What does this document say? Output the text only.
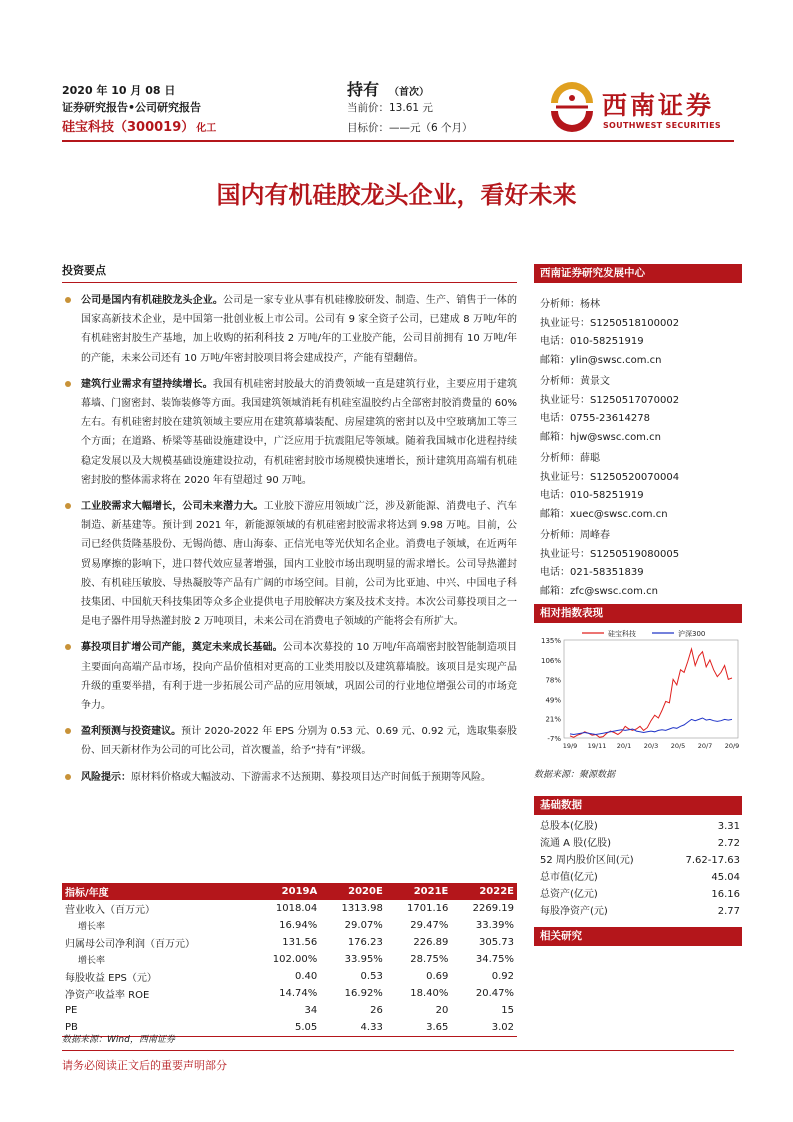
2020 年 10 月 08 日
证券研究报告•公司研究报告
硅宝科技（300019） 化工
持有 （首次）
当前价：13.61 元
目标价：——元（6 个月）
西南证券
SOUTHWEST SECURITIES
国内有机硅胶龙头企业，看好未来
投资要点
公司是国内有机硅胶龙头企业。公司是一家专业从事有机硅橡胶研发、制造、生产、销售于一体的国家高新技术企业，是中国第一批创业板上市公司。公司有 9 家全资子公司，已建成 8 万吨/年的有机硅密封胶生产基地，加上收购的拓利科技 2 万吨/年的工业胶产能，公司目前拥有 10 万吨/年的产能，未来公司还有 10 万吨/年密封胶项目将会建成投产，产能有望翻倍。
建筑行业需求有望持续增长。我国有机硅密封胶最大的消费领域一直是建筑行业，主要应用于建筑幕墙、门窗密封、装饰装修等方面。我国建筑领域消耗有机硅室温胶约占全部密封胶消费量的 60%左右。有机硅密封胶在建筑领域主要应用在建筑幕墙装配、房屋建筑的密封以及中空玻璃加工等三个方面；在道路、桥梁等基础设施建设中，广泛应用于抗震阻尼等领域。随着我国城市化进程持续稳定发展以及大规模基础设施建设拉动，有机硅密封胶市场规模快速增长，预计建筑用高端有机硅密封胶的整体需求将在 2020 年有望超过 90 万吨。
工业胶需求大幅增长，公司未来潜力大。工业胶下游应用领域广泛，涉及新能源、消费电子、汽车制造、新基建等。预计到 2021 年，新能源领域的有机硅密封胶需求将达到 9.98 万吨。目前，公司已经供货隆基股份、无锡尚德、唐山海泰、正信光电等光伏知名企业。消费电子领域，在近两年贸易摩擦的影响下，进口替代效应显著增强，国内工业胶市场出现明显的需求增长。公司导热灌封胶、有机硅压敏胶、导热凝胶等产品有广阔的市场空间。目前，公司为比亚迪、中兴、中国电子科技集团、中国航天科技集团等众多企业提供电子用胶解决方案及技术支持。本次公司募投项目之一是电子器件用导热灌封胶 2 万吨项目，未来公司在消费电子领域的产能将会有所扩大。
募投项目扩增公司产能，奠定未来成长基础。公司本次募投的 10 万吨/年高端密封胶智能制造项目主要面向高端产品市场，投向产品价值相对更高的工业类用胶以及建筑幕墙胶。该项目是实现产品升级的重要举措，有利于进一步拓展公司产品的应用领域，巩固公司的行业地位增强公司的市场竞争力。
盈利预测与投资建议。预计 2020-2022 年 EPS 分别为 0.53 元、0.69 元、0.92 元，选取集泰股份、回天新材作为公司的可比公司，首次覆盖，给予“持有”评级。
风险提示：原材料价格或大幅波动、下游需求不达预期、募投项目达产时间低于预期等风险。
指标/年度	2019A	2020E	2021E	2022E
营业收入（百万元）	1018.04	1313.98	1701.16	2269.19
增长率	16.94%	29.07%	29.47%	33.39%
归属母公司净利润（百万元）	131.56	176.23	226.89	305.73
增长率	102.00%	33.95%	28.75%	34.75%
每股收益 EPS（元）	0.40	0.53	0.69	0.92
净资产收益率 ROE	14.74%	16.92%	18.40%	20.47%
PE	34	26	20	15
PB	5.05	4.33	3.65	3.02
数据来源：Wind，西南证券
请务必阅读正文后的重要声明部分
西南证券研究发展中心
分析师：杨林
执业证号：S1250518100002
电话：010-58251919
邮箱：ylin@swsc.com.cn
分析师：黄景文
执业证号：S1250517070002
电话：0755-23614278
邮箱：hjw@swsc.com.cn
分析师：薛聪
执业证号：S1250520070004
电话：010-58251919
邮箱：xuec@swsc.com.cn
分析师：周峰春
执业证号：S1250519080005
电话：021-58351839
邮箱：zfc@swsc.com.cn
相对指数表现
135%
106%
78%
49%
21%
-7%
19/9 19/11 20/1 20/3 20/5 20/7 20/9
硅宝科技	沪深300
数据来源：聚源数据
基础数据
总股本(亿股)	3.31
流通 A 股(亿股)	2.72
52 周内股价区间(元)	7.62-17.63
总市值(亿元)	45.04
总资产(亿元)	16.16
每股净资产(元)	2.77
相关研究
